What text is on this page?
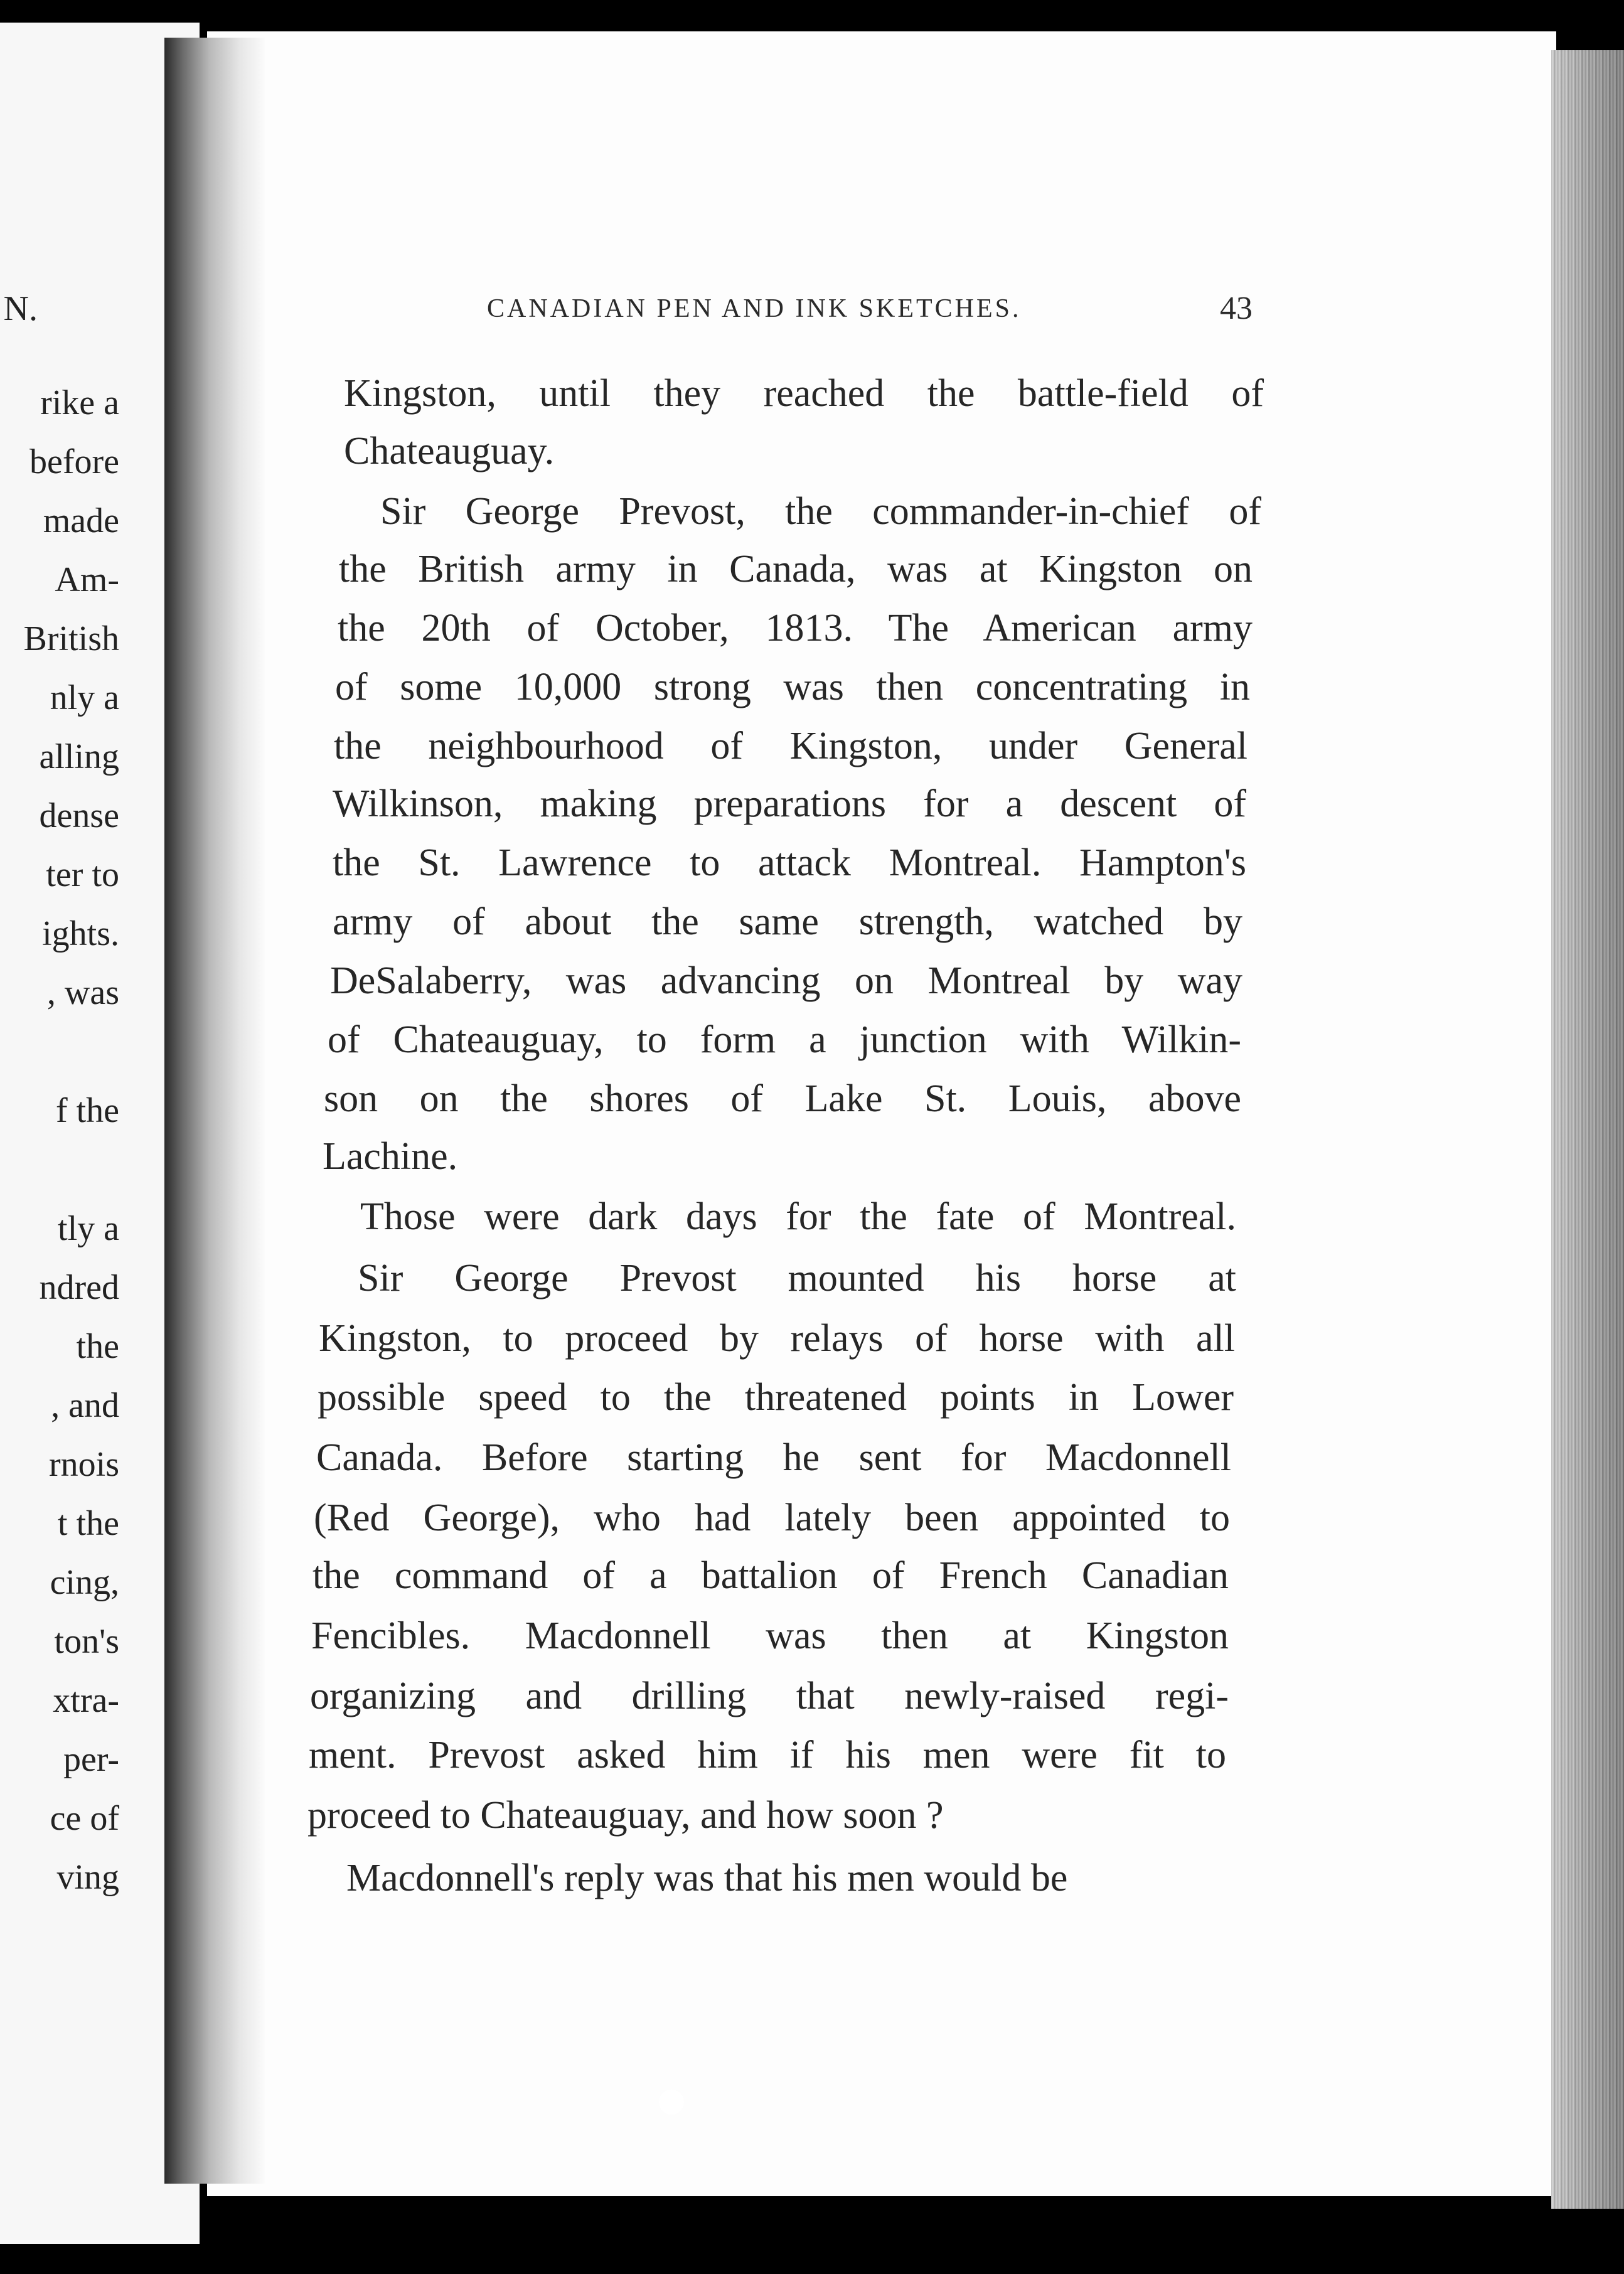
N.
rike a
before
made
Am-
British
nly a
alling
dense
ter to
ights.
, was
f the
tly a
ndred
the
, and
rnois
t the
cing,
ton's
xtra-
per-
ce of
ving
CANADIAN PEN AND INK SKETCHES.	43
Kingston, until they reached the battle-field of
Chateauguay.
Sir George Prevost, the commander-in-chief of
the British army in Canada, was at Kingston on
the 20th of October, 1813. The American army
of some 10,000 strong was then concentrating in
the neighbourhood of Kingston, under General
Wilkinson, making preparations for a descent of
the St. Lawrence to attack Montreal. Hampton's
army of about the same strength, watched by
DeSalaberry, was advancing on Montreal by way
of Chateauguay, to form a junction with Wilkin-
son on the shores of Lake St. Louis, above
Lachine.
Those were dark days for the fate of Montreal.
Sir George Prevost mounted his horse at
Kingston, to proceed by relays of horse with all
possible speed to the threatened points in Lower
Canada. Before starting he sent for Macdonnell
(Red George), who had lately been appointed to
the command of a battalion of French Canadian
Fencibles. Macdonnell was then at Kingston
organizing and drilling that newly-raised regi-
ment. Prevost asked him if his men were fit to
proceed to Chateauguay, and how soon ?
Macdonnell's reply was that his men would be
